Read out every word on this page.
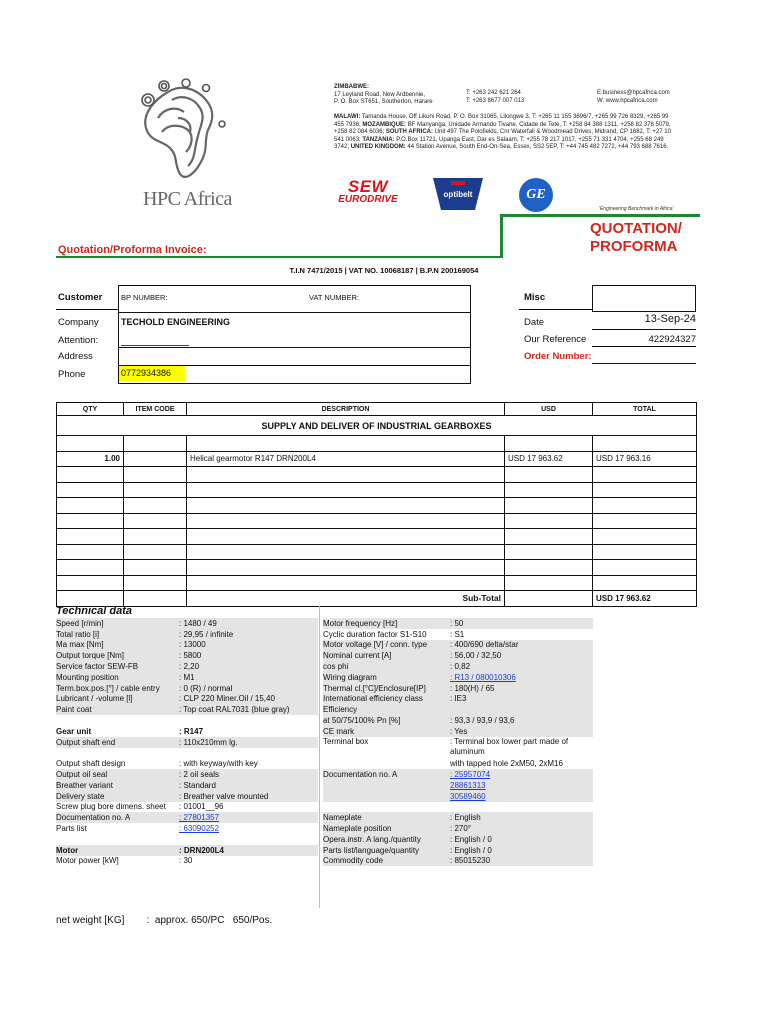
HPC Africa
ZIMBABWE:
17 Leyland Road, New Ardbennie,
P. O. Box ST651, Southerton, Harare
T: +263 242 621 264
T: +263 8677 007 013
E:business@hpcafrica.com
W: www.hpcafrica.com
MALAWI: Tamanda House, Off Likuni Road, P. O. Box 31065, Lilongwe 3, T: +265 11 155 3696/7, +265 99 726 8329, +265 99 455 7936; MOZAMBIQUE: BF Manyanga, Unidade Armando Tivane, Cidade de Tete, T: +258 84 388 1311, +258 82 378 5079, +258 82 084 6036; SOUTH AFRICA: Unit 497 The Polofields, Cnr Waterfall & Woodmead Drives, Midrand, CP 1682, T: +27 10 541 0063; TANZANIA: P.O.Box 11721, Upanga East, Dar es Salaam, T: +255 78 217 1017, +255 71 331 4704, +255 68 249 3742; UNITED KINGDOM: 44 Station Avenue, South End-On-Sea, Essex, SS2 5EP, T: +44 745 482 7272, +44 793 688 7616.
SEW
EURODRIVE	optibelt	GE
'Engineering Benchmark in Africa'
QUOTATION/
PROFORMA
Quotation/Proforma Invoice:
T.I.N 7471/2015 | VAT NO. 10068187 | B.P.N 200169054
Customer BP NUMBER:	VAT NUMBER:
Company TECHOLD ENGINEERING
Attention:
Address
Phone	0772934386
Misc
Date	13-Sep-24
Our Reference	422924327
Order Number:
QTY	ITEM CODE	DESCRIPTION	USD	TOTAL
SUPPLY AND DELIVER OF INDUSTRIAL GEARBOXES				

1.00		Helical gearmotor R147 DRN200L4	USD 17 963.62	USD 17 963.16

		Sub-Total		USD 17 963.62
Technical data
Speed [r/min]	: 1480 / 49
Total ratio [i]	: 29,95 / infinite
Ma max [Nm]	: 13000
Output torque [Nm]	: 5800
Service factor SEW-FB	: 2,20
Mounting position	: M1
Term.box.pos.[°] / cable entry	: 0 (R) / normal
Lubricant / -volume [l]	: CLP 220 Miner.Oil / 15,40
Paint coat	: Top coat RAL7031 (blue gray)
Gear unit	: R147
Output shaft end	: 110x210mm lg.
Output shaft design	: with keyway/with key
Output oil seal	: 2 oil seals
Breather variant	: Standard
Delivery state	: Breather valve mounted
Screw plug bore dimens. sheet	: 01001__96
Documentation no. A	: 27801357
Parts list	: 63090252
Motor	: DRN200L4
Motor power [kW]	: 30
Motor frequency [Hz]	: 50
Cyclic duration factor S1-S10	: S1
Motor voltage [V] / conn. type	: 400/690 delta/star
Nominal current [A]	: 56,00 / 32,50
cos phi	: 0,82
Wiring diagram	: R13 / 080010306
Thermal cl.[°C]/Enclosure[IP]	: 180(H) / 65
International efficiency class	: IE3
Efficiency
at 50/75/100% Pn [%]	: 93,3 / 93,9 / 93,6
CE mark	: Yes
Terminal box	: Terminal box lower part made of aluminum
with tapped hole 2xM50, 2xM16
Documentation no. A	: 25957074
28861313
30589460
Nameplate	: English
Nameplate position	: 270°
Opera.instr. A lang./quantity	: English / 0
Parts list/language/quantity	: English / 0
Commodity code	: 85015230
net weight [KG]        :  approx. 650/PC   650/Pos.
